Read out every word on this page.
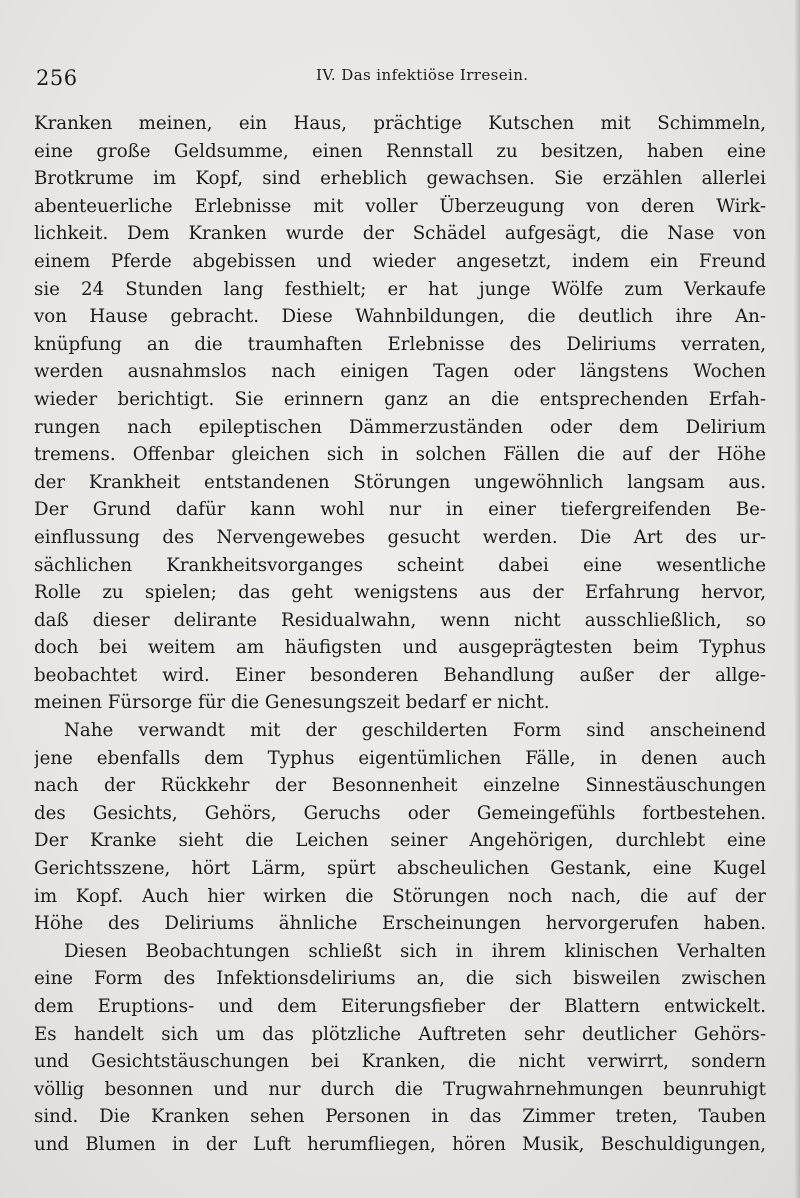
256	IV. Das infektiöse Irresein.
Kranken meinen, ein Haus, prächtige Kutschen mit Schimmeln,
eine große Geldsumme, einen Rennstall zu besitzen, haben eine
Brotkrume im Kopf, sind erheblich gewachsen. Sie erzählen allerlei
abenteuerliche Erlebnisse mit voller Überzeugung von deren Wirk-
lichkeit. Dem Kranken wurde der Schädel aufgesägt, die Nase von
einem Pferde abgebissen und wieder angesetzt, indem ein Freund
sie 24 Stunden lang festhielt; er hat junge Wölfe zum Verkaufe
von Hause gebracht. Diese Wahnbildungen, die deutlich ihre An-
knüpfung an die traumhaften Erlebnisse des Deliriums verraten,
werden ausnahmslos nach einigen Tagen oder längstens Wochen
wieder berichtigt. Sie erinnern ganz an die entsprechenden Erfah-
rungen nach epileptischen Dämmerzuständen oder dem Delirium
tremens. Offenbar gleichen sich in solchen Fällen die auf der Höhe
der Krankheit entstandenen Störungen ungewöhnlich langsam aus.
Der Grund dafür kann wohl nur in einer tiefergreifenden Be-
einflussung des Nervengewebes gesucht werden. Die Art des ur-
sächlichen Krankheitsvorganges scheint dabei eine wesentliche
Rolle zu spielen; das geht wenigstens aus der Erfahrung hervor,
daß dieser delirante Residualwahn, wenn nicht ausschließlich, so
doch bei weitem am häufigsten und ausgeprägtesten beim Typhus
beobachtet wird. Einer besonderen Behandlung außer der allge-
meinen Fürsorge für die Genesungszeit bedarf er nicht.
Nahe verwandt mit der geschilderten Form sind anscheinend
jene ebenfalls dem Typhus eigentümlichen Fälle, in denen auch
nach der Rückkehr der Besonnenheit einzelne Sinnestäuschungen
des Gesichts, Gehörs, Geruchs oder Gemeingefühls fortbestehen.
Der Kranke sieht die Leichen seiner Angehörigen, durchlebt eine
Gerichtsszene, hört Lärm, spürt abscheulichen Gestank, eine Kugel
im Kopf. Auch hier wirken die Störungen noch nach, die auf der
Höhe des Deliriums ähnliche Erscheinungen hervorgerufen haben.
Diesen Beobachtungen schließt sich in ihrem klinischen Verhalten
eine Form des Infektionsdeliriums an, die sich bisweilen zwischen
dem Eruptions- und dem Eiterungsfieber der Blattern entwickelt.
Es handelt sich um das plötzliche Auftreten sehr deutlicher Gehörs-
und Gesichtstäuschungen bei Kranken, die nicht verwirrt, sondern
völlig besonnen und nur durch die Trugwahrnehmungen beunruhigt
sind. Die Kranken sehen Personen in das Zimmer treten, Tauben
und Blumen in der Luft herumfliegen, hören Musik, Beschuldigungen,
